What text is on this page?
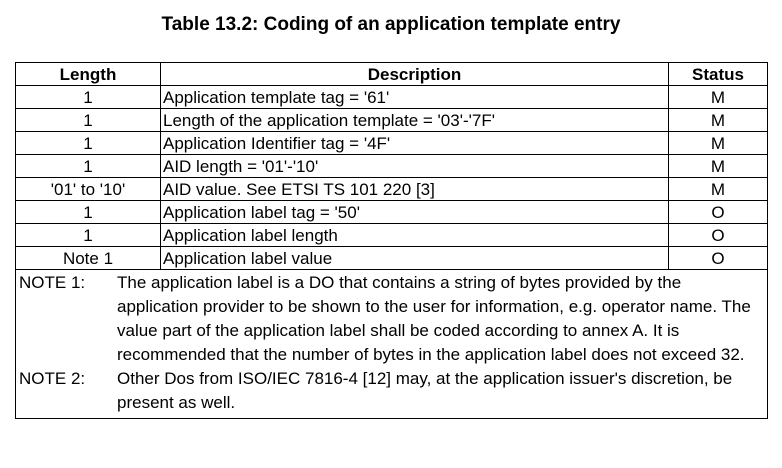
Table 13.2: Coding of an application template entry
Length	Description	Status
1	Application template tag = '61'	M
1	Length of the application template = '03'-'7F'	M
1	Application Identifier tag = '4F'	M
1	AID length = '01'-'10'	M
'01' to '10'	AID value. See ETSI TS 101 220 [3]	M
1	Application label tag = '50'	O
1	Application label length	O
Note 1	Application label value	O

NOTE 1: The application label is a DO that contains a string of bytes provided by the application provider to be shown to the user for information, e.g. operator name. The value part of the application label shall be coded according to annex A. It is recommended that the number of bytes in the application label does not exceed 32.
NOTE 2: Other Dos from ISO/IEC 7816-4 [12] may, at the application issuer's discretion, be present as well.		
